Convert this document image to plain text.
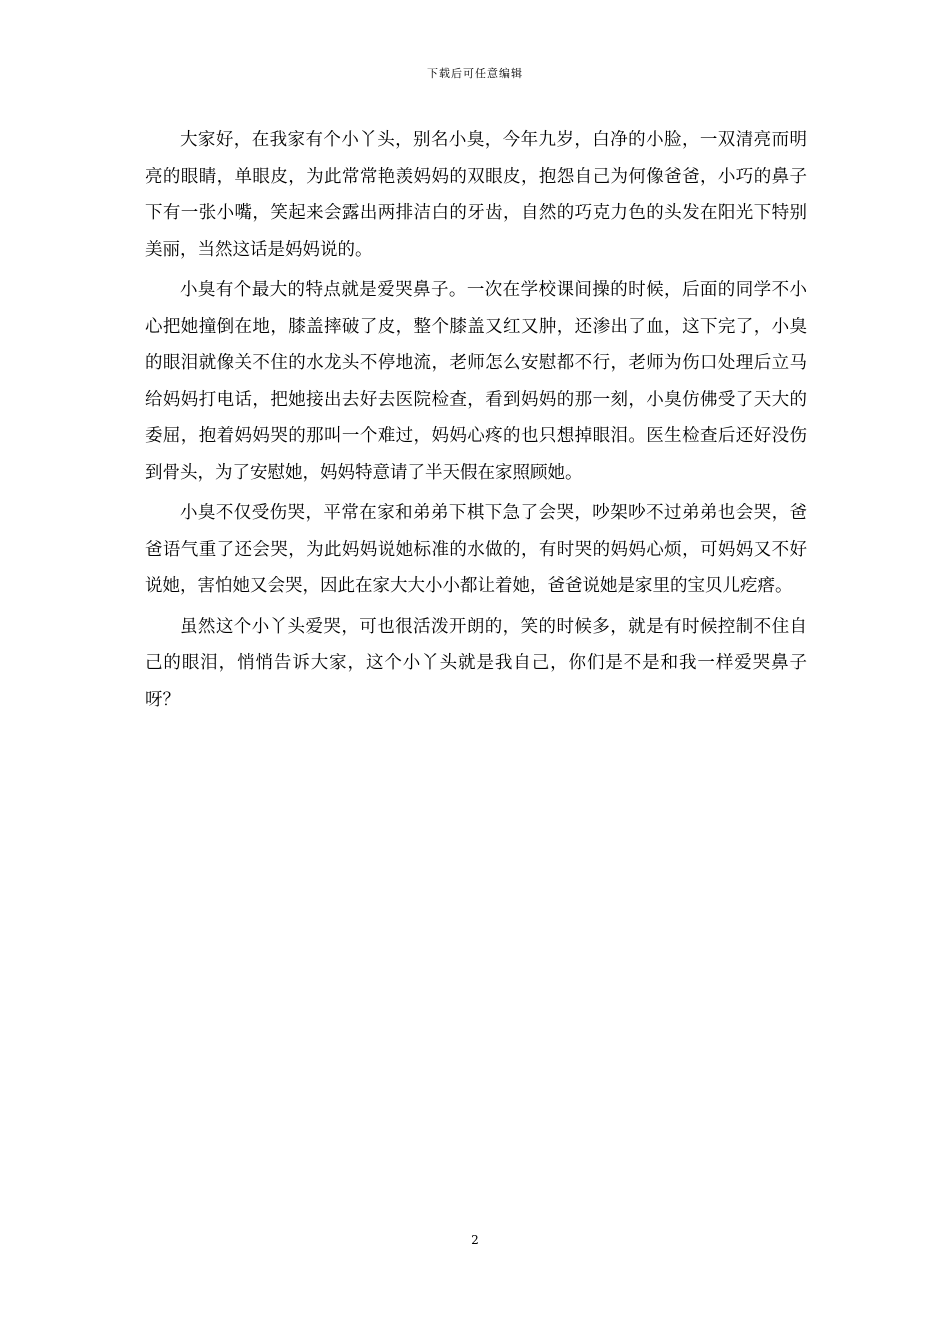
下载后可任意编辑

大家好，在我家有个小丫头，别名小臭，今年九岁，白净的小脸，一双清亮而明亮的眼睛，单眼皮，为此常常艳羡妈妈的双眼皮，抱怨自己为何像爸爸，小巧的鼻子下有一张小嘴，笑起来会露出两排洁白的牙齿，自然的巧克力色的头发在阳光下特别美丽，当然这话是妈妈说的。

小臭有个最大的特点就是爱哭鼻子。一次在学校课间操的时候，后面的同学不小心把她撞倒在地，膝盖摔破了皮，整个膝盖又红又肿，还渗出了血，这下完了，小臭的眼泪就像关不住的水龙头不停地流，老师怎么安慰都不行，老师为伤口处理后立马给妈妈打电话，把她接出去好去医院检查，看到妈妈的那一刻，小臭仿佛受了天大的委屈，抱着妈妈哭的那叫一个难过，妈妈心疼的也只想掉眼泪。医生检查后还好没伤到骨头，为了安慰她，妈妈特意请了半天假在家照顾她。

小臭不仅受伤哭，平常在家和弟弟下棋下急了会哭，吵架吵不过弟弟也会哭，爸爸语气重了还会哭，为此妈妈说她标准的水做的，有时哭的妈妈心烦，可妈妈又不好说她，害怕她又会哭，因此在家大大小小都让着她，爸爸说她是家里的宝贝儿疙瘩。

虽然这个小丫头爱哭，可也很活泼开朗的，笑的时候多，就是有时候控制不住自己的眼泪，悄悄告诉大家，这个小丫头就是我自己，你们是不是和我一样爱哭鼻子呀？

2
